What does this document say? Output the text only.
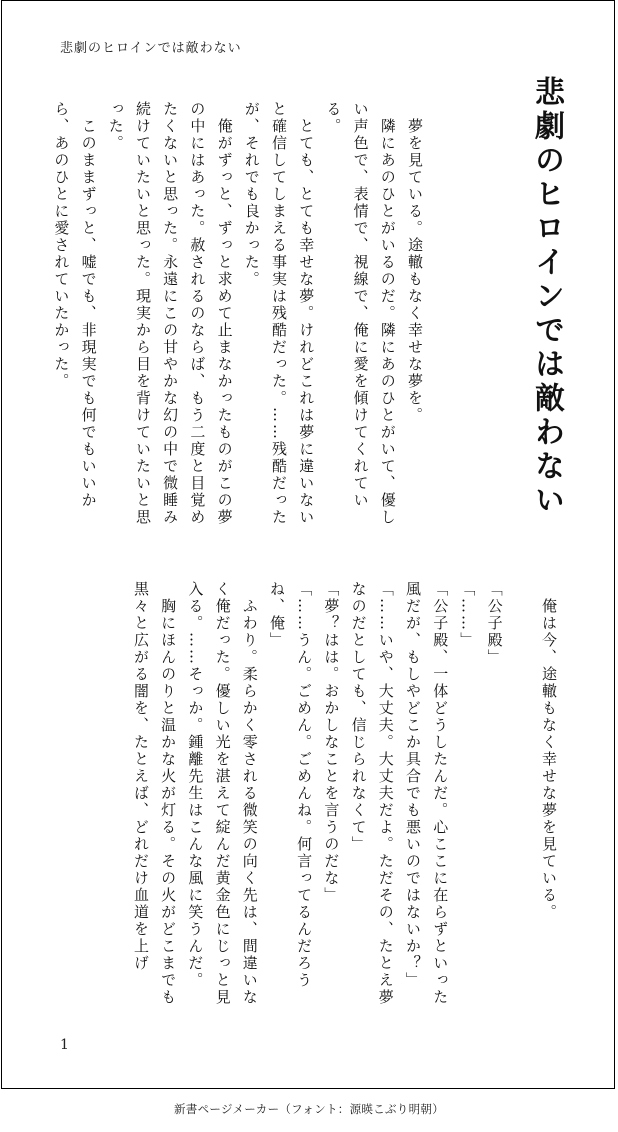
悲劇のヒロインでは敵わない
悲劇のヒロインでは敵わない

　夢を見ている。途轍もなく幸せな夢を。

　隣にあのひとがいるのだ。隣にあのひとがいて、優しい声色で、表情で、視線で、俺に愛を傾けてくれている。

　とても、とても幸せな夢。けれどこれは夢に違いないと確信してしまえる事実は残酷だった。……残酷だったが、それでも良かった。

　俺がずっと、ずっと求めて止まなかったものがこの夢の中にはあった。赦されるのならば、もう二度と目覚めたくないと思った。永遠にこの甘やかな幻の中で微睡み続けていたいと思った。現実から目を背けていたいと思った。

　このままずっと、嘘でも、非現実でも何でもいいから、あのひとに愛されていたかった。

　俺は今、途轍もなく幸せな夢を見ている。

「公子殿」

「……」

「公子殿、一体どうしたんだ。心ここに在らずといった風だが、もしやどこか具合でも悪いのではないか？」

「……いや、大丈夫。大丈夫だよ。ただその、たとえ夢なのだとしても、信じられなくて」

「夢？はは。おかしなことを言うのだな」

「……うん。ごめん。ごめんね。何言ってるんだろうね、俺」

　ふわり。柔らかく零される微笑の向く先は、間違いなく俺だった。優しい光を湛えて綻んだ黄金色にじっと見入る。……そっか。鍾離先生はこんな風に笑うんだ。

　胸にほんのりと温かな火が灯る。その火がどこまでも黒々と広がる闇を、たとえば、どれだけ血道を上げ

1
新書ページメーカー（フォント：源暎こぶり明朝）
